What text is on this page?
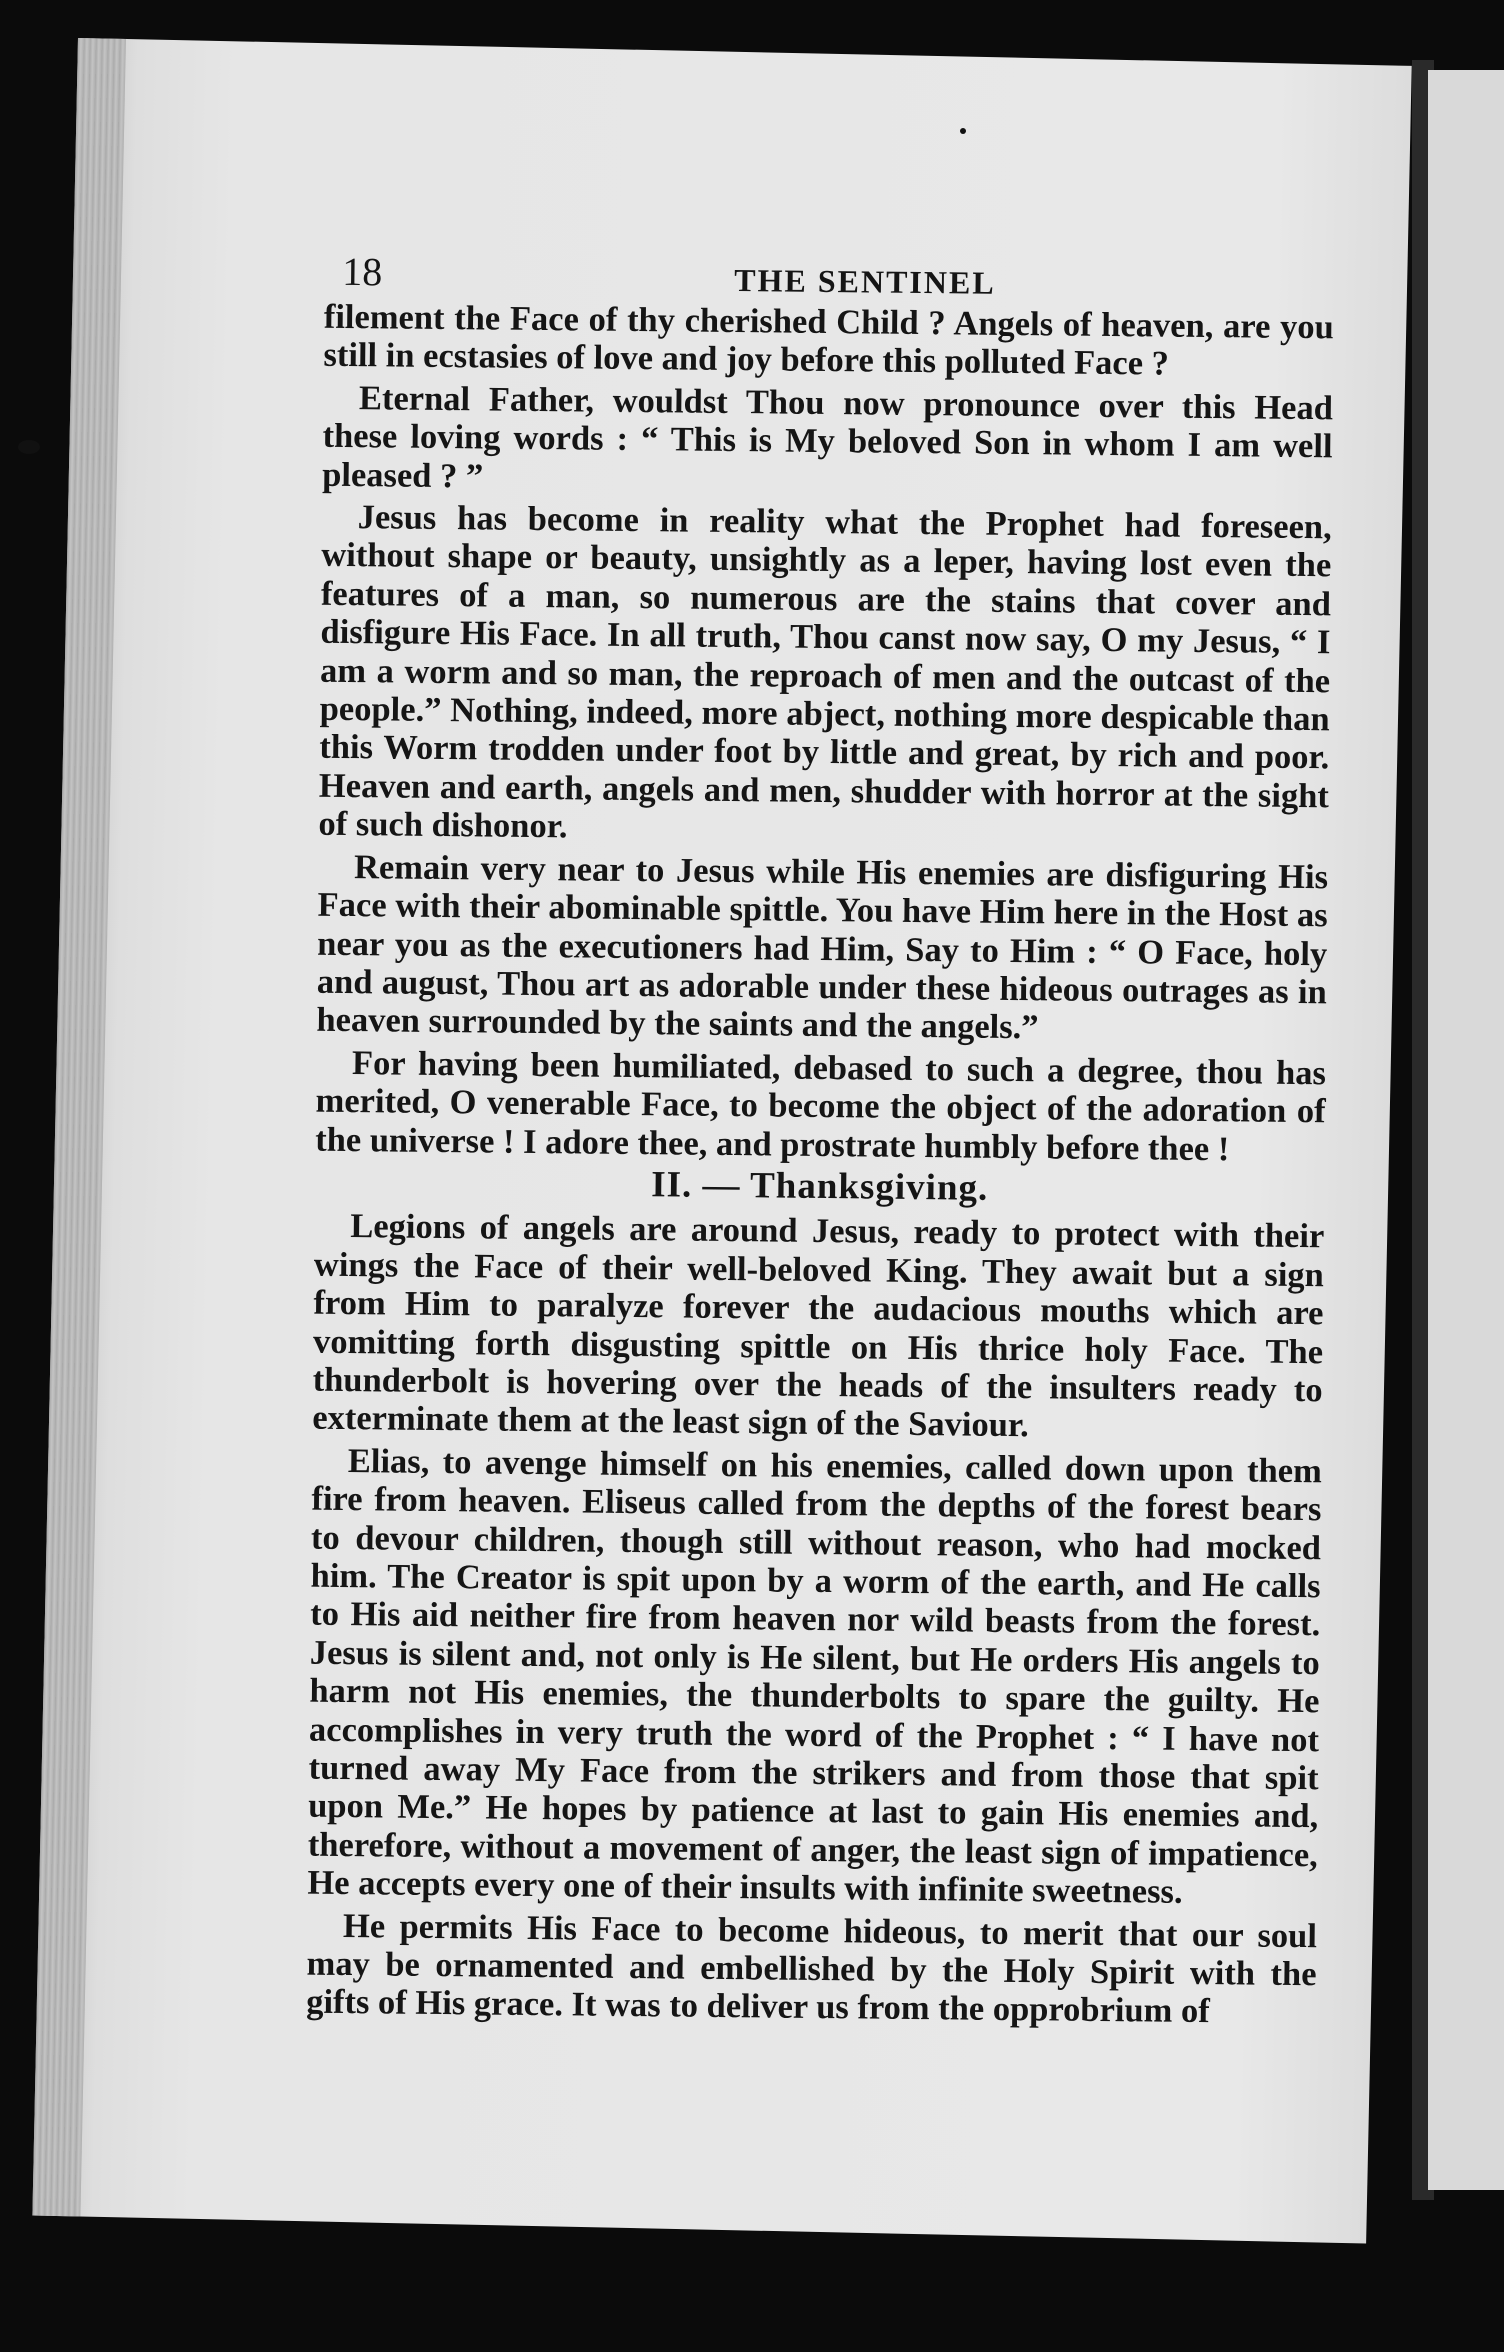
18	THE SENTINEL

filement the Face of thy cherished Child ? Angels of heaven, are you still in ecstasies of love and joy before this polluted Face ?

Eternal Father, wouldst Thou now pronounce over this Head these loving words : “ This is My beloved Son in whom I am well pleased ? ”

Jesus has become in reality what the Prophet had foreseen, without shape or beauty, unsightly as a leper, having lost even the features of a man, so numerous are the stains that cover and disfigure His Face. In all truth, Thou canst now say, O my Jesus, “ I am a worm and so man, the reproach of men and the outcast of the people.” Nothing, indeed, more abject, nothing more despicable than this Worm trodden under foot by little and great, by rich and poor. Heaven and earth, angels and men, shudder with horror at the sight of such dishonor.

Remain very near to Jesus while His enemies are disfiguring His Face with their abominable spittle. You have Him here in the Host as near you as the executioners had Him, Say to Him : “ O Face, holy and august, Thou art as adorable under these hideous outrages as in heaven surrounded by the saints and the angels.”

For having been humiliated, debased to such a degree, thou has merited, O venerable Face, to become the object of the adoration of the universe ! I adore thee, and prostrate humbly before thee !

II. — Thanksgiving.

Legions of angels are around Jesus, ready to protect with their wings the Face of their well-beloved King. They await but a sign from Him to paralyze forever the audacious mouths which are vomitting forth disgusting spittle on His thrice holy Face. The thunderbolt is hovering over the heads of the insulters ready to exterminate them at the least sign of the Saviour.

Elias, to avenge himself on his enemies, called down upon them fire from heaven. Eliseus called from the depths of the forest bears to devour children, though still without reason, who had mocked him. The Creator is spit upon by a worm of the earth, and He calls to His aid neither fire from heaven nor wild beasts from the forest. Jesus is silent and, not only is He silent, but He orders His angels to harm not His enemies, the thunderbolts to spare the guilty. He accomplishes in very truth the word of the Prophet : “ I have not turned away My Face from the strikers and from those that spit upon Me.” He hopes by patience at last to gain His enemies and, therefore, without a movement of anger, the least sign of impatience, He accepts every one of their insults with infinite sweetness.

He permits His Face to become hideous, to merit that our soul may be ornamented and embellished by the Holy Spirit with the gifts of His grace. It was to deliver us from the opprobrium of
